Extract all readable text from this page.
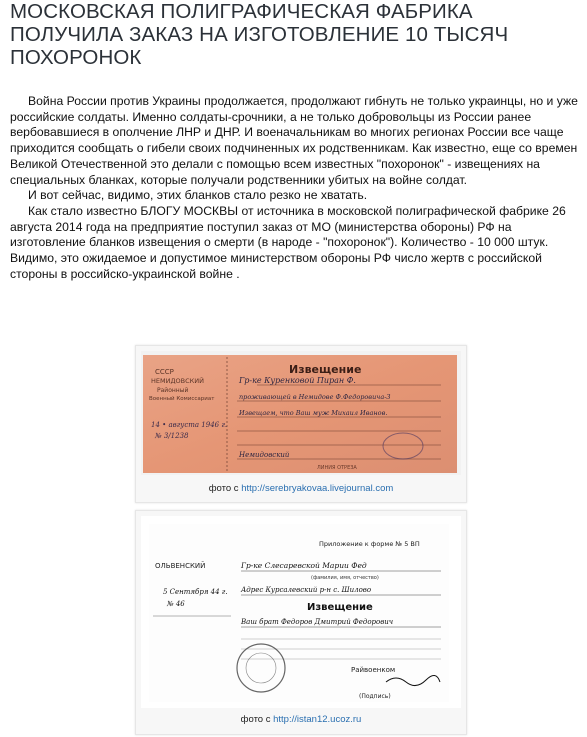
МОСКОВСКАЯ ПОЛИГРАФИЧЕСКАЯ ФАБРИКА ПОЛУЧИЛА ЗАКАЗ НА ИЗГОТОВЛЕНИЕ 10 ТЫСЯЧ ПОХОРОНОК

Война России против Украины продолжается, продолжают гибнуть не только украинцы, но и уже российские солдаты. Именно солдаты-срочники, а не только добровольцы из России ранее вербовавшиеся в ополчение ЛНР и ДНР. И военачальникам во многих регионах России все чаще приходится сообщать о гибели своих подчиненных их родственникам. Как известно, еще со времен Великой Отечественной это делали с помощью всем известных "похоронок" - извещениях на специальных бланках, которые получали родственники убитых на войне солдат.

И вот сейчас, видимо, этих бланков стало резко не хватать.

Как стало известно БЛОГУ МОСКВЫ от источника в московской полиграфической фабрике 26 августа 2014 года на предприятие поступил заказ от МО (министерства обороны) РФ на изготовление бланков извещения о смерти (в народе - "похоронок"). Количество - 10 000 штук.

Видимо, это ожидаемое и допустимое министерством обороны РФ число жертв с российской стороны в российско-украинской войне .

СССР
НЕМИДОВСКИЙ
Районный
Военный Комиссариат
14 • августа 1946 г.
№ 3/1238
Извещение
Гр-ке Куренковой Пиран Ф.
проживающей в Немидове Ф.Федоровича-3
Извещаем, что Ваш муж Михаил Иванов.
Немидовский
ЛИНИЯ ОТРЕЗА
фото с http://serebryakovaa.livejournal.com
Приложение к форме № 5 ВП
ОЛЬВЕНСКИЙ	Гр-ке Слесаревской Марии Фед
(фамилия, имя, отчество)
Адрес Курсалевский р-н с. Шилово
Извещение
Ваш брат Федоров Дмитрий Федорович
5 Сентября 44 г.
№ 46
Райвоенком
(Подпись)
фото с http://istan12.ucoz.ru
